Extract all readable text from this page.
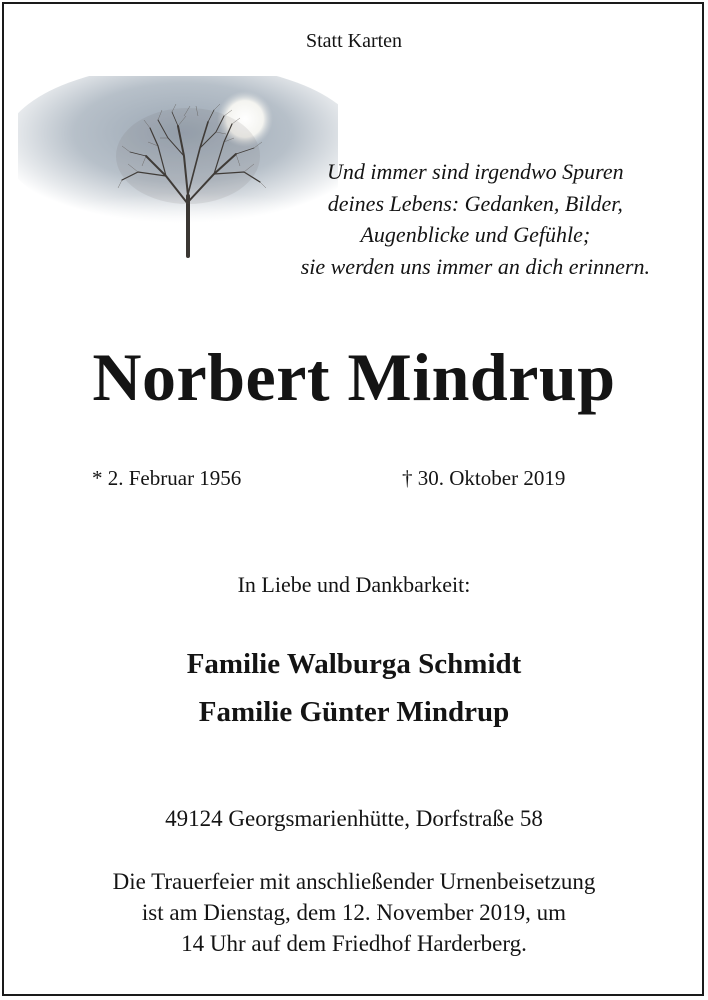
Statt Karten
Und immer sind irgendwo Spuren
deines Lebens: Gedanken, Bilder,
Augenblicke und Gefühle;
sie werden uns immer an dich erinnern.
Norbert Mindrup
* 2. Februar 1956	† 30. Oktober 2019
In Liebe und Dankbarkeit:
Familie Walburga Schmidt
Familie Günter Mindrup
49124 Georgsmarienhütte, Dorfstraße 58
Die Trauerfeier mit anschließender Urnenbeisetzung
ist am Dienstag, dem 12. November 2019, um
14 Uhr auf dem Friedhof Harderberg.
